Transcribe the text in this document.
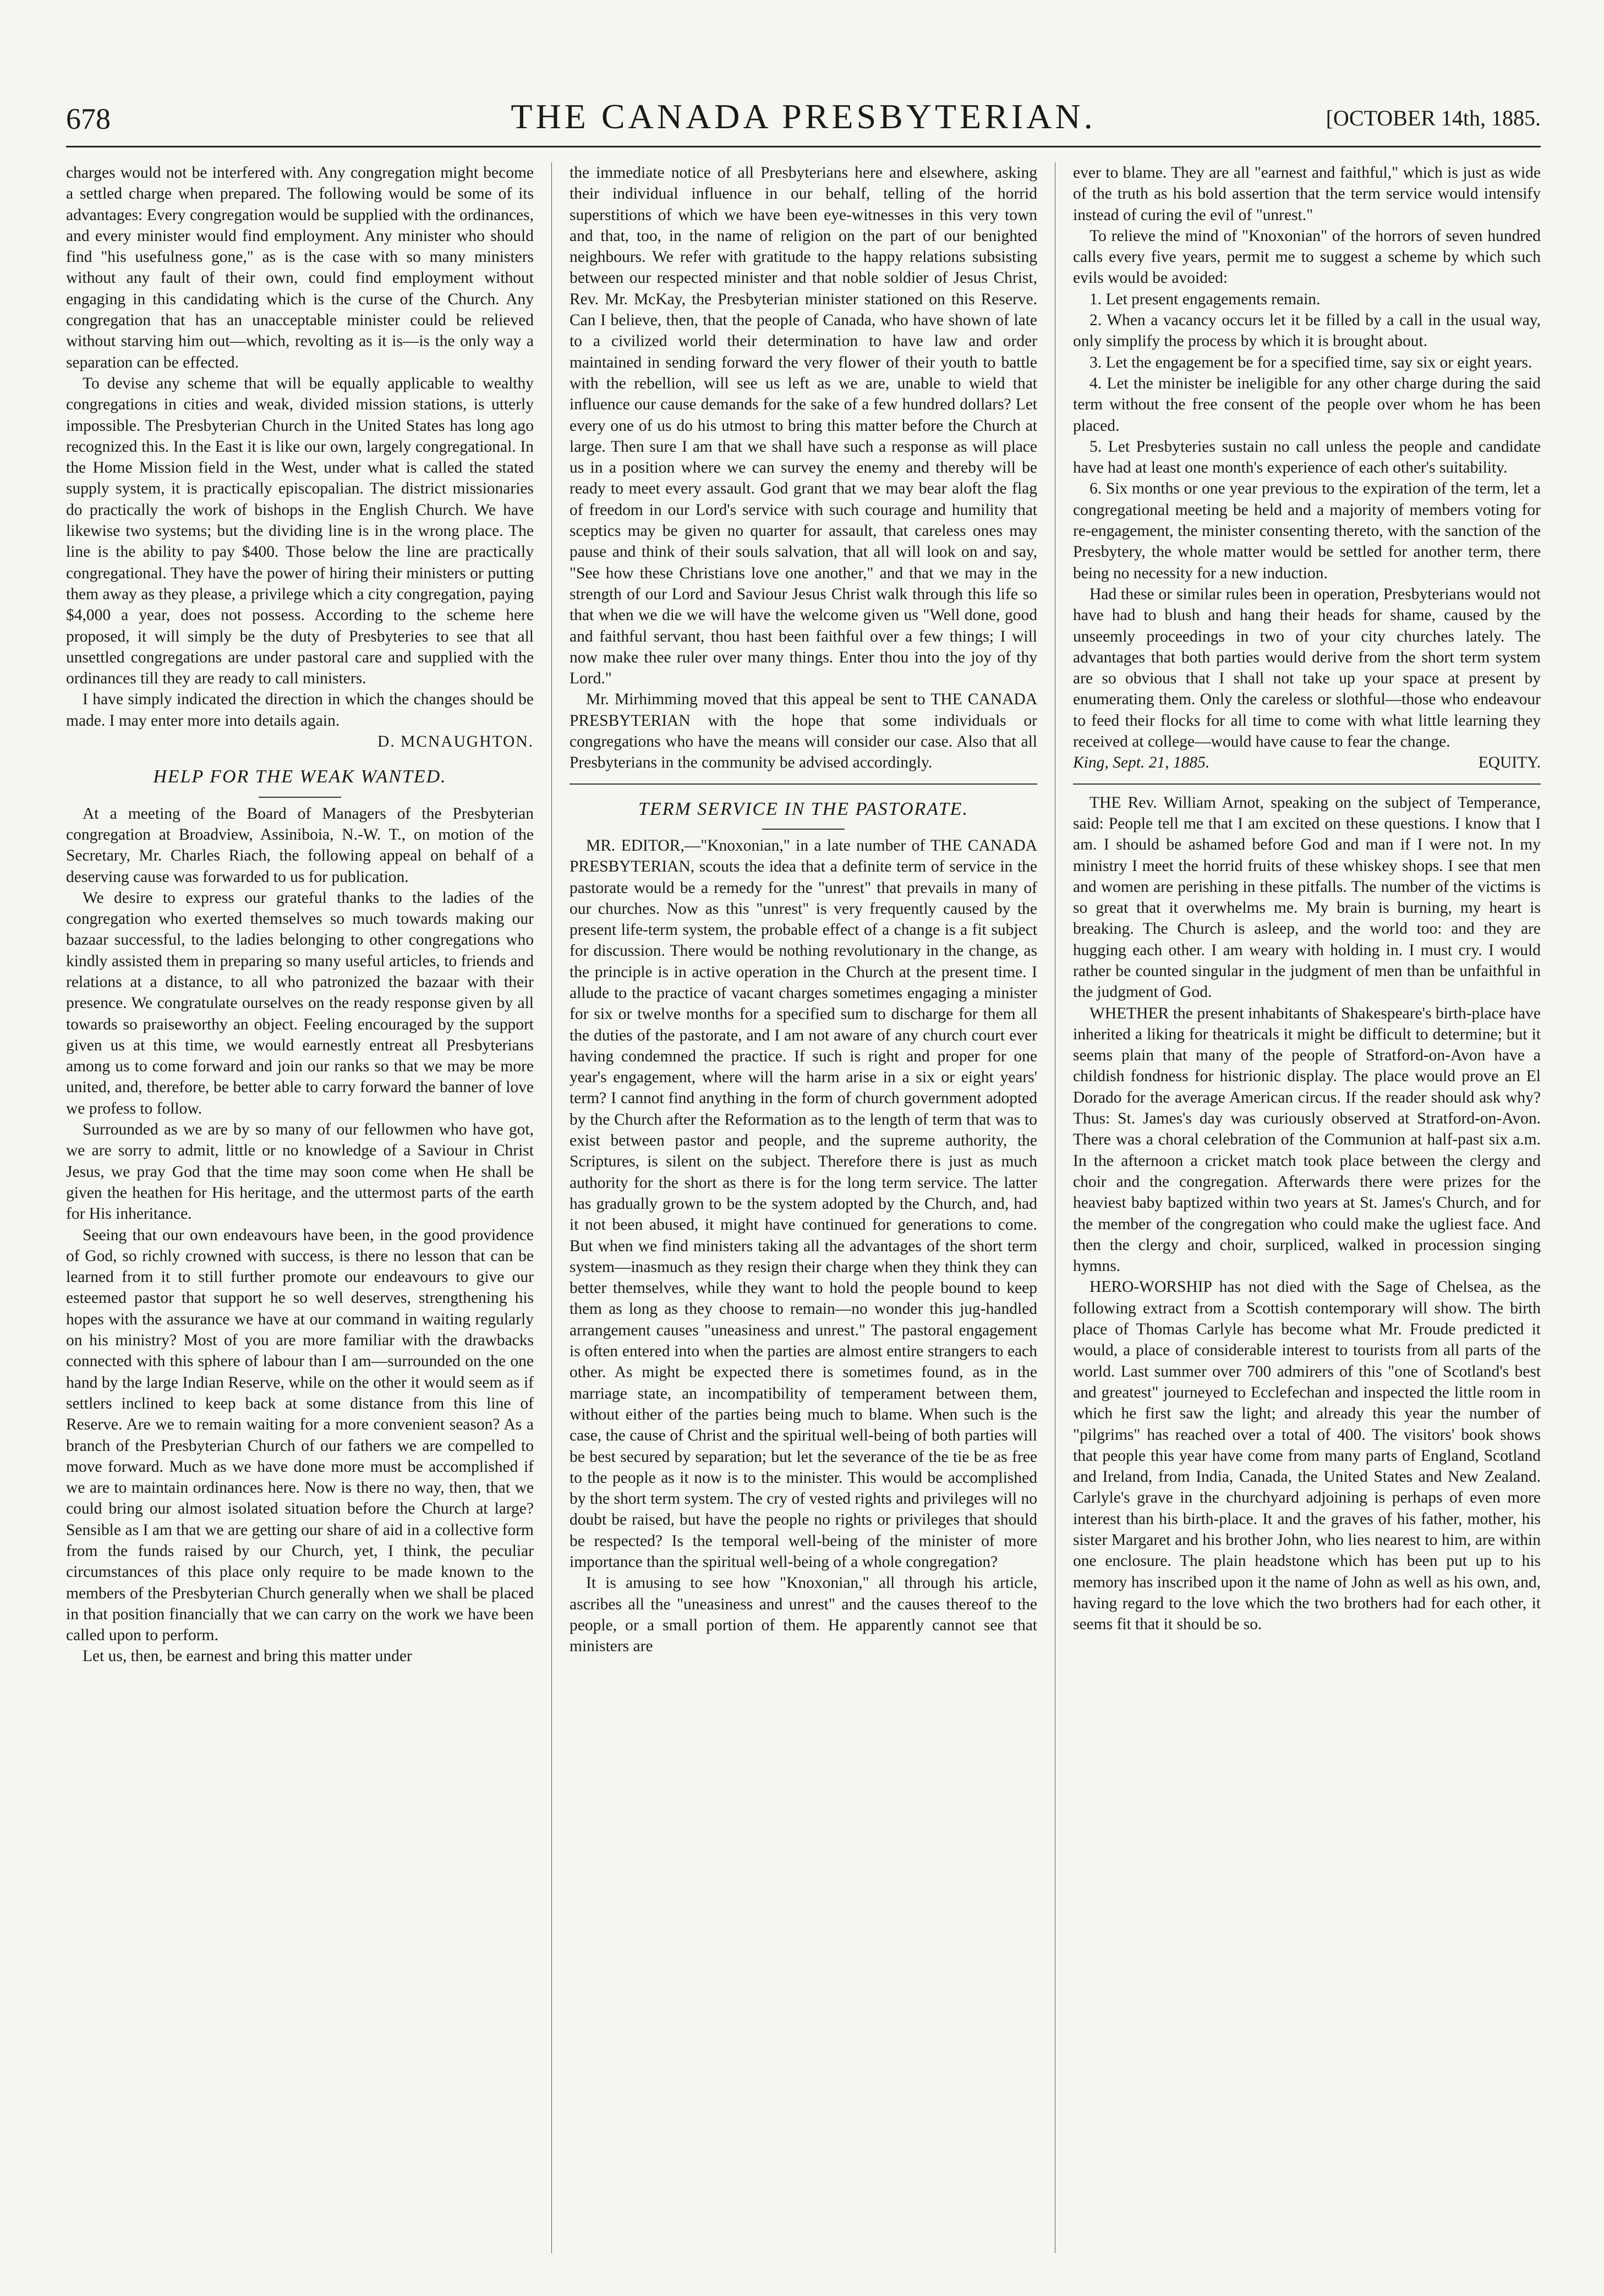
678	THE CANADA PRESBYTERIAN.	[OCTOBER 14th, 1885.

charges would not be interfered with. Any congregation might become a settled charge when prepared. The following would be some of its advantages: Every congregation would be supplied with the ordinances, and every minister would find employment. Any minister who should find "his usefulness gone," as is the case with so many ministers without any fault of their own, could find employment without engaging in this candidating which is the curse of the Church. Any congregation that has an unacceptable minister could be relieved without starving him out—which, revolting as it is—is the only way a separation can be effected.

To devise any scheme that will be equally applicable to wealthy congregations in cities and weak, divided mission stations, is utterly impossible. The Presbyterian Church in the United States has long ago recognized this. In the East it is like our own, largely congregational. In the Home Mission field in the West, under what is called the stated supply system, it is practically episcopalian. The district missionaries do practically the work of bishops in the English Church. We have likewise two systems; but the dividing line is in the wrong place. The line is the ability to pay $400. Those below the line are practically congregational. They have the power of hiring their ministers or putting them away as they please, a privilege which a city congregation, paying $4,000 a year, does not possess. According to the scheme here proposed, it will simply be the duty of Presbyteries to see that all unsettled congregations are under pastoral care and supplied with the ordinances till they are ready to call ministers.

I have simply indicated the direction in which the changes should be made. I may enter more into details again.

D. MCNAUGHTON.
HELP FOR THE WEAK WANTED.

At a meeting of the Board of Managers of the Presbyterian congregation at Broadview, Assiniboia, N.-W. T., on motion of the Secretary, Mr. Charles Riach, the following appeal on behalf of a deserving cause was forwarded to us for publication.

We desire to express our grateful thanks to the ladies of the congregation who exerted themselves so much towards making our bazaar successful, to the ladies belonging to other congregations who kindly assisted them in preparing so many useful articles, to friends and relations at a distance, to all who patronized the bazaar with their presence. We congratulate ourselves on the ready response given by all towards so praiseworthy an object. Feeling encouraged by the support given us at this time, we would earnestly entreat all Presbyterians among us to come forward and join our ranks so that we may be more united, and, therefore, be better able to carry forward the banner of love we profess to follow.

Surrounded as we are by so many of our fellowmen who have got, we are sorry to admit, little or no knowledge of a Saviour in Christ Jesus, we pray God that the time may soon come when He shall be given the heathen for His heritage, and the uttermost parts of the earth for His inheritance.

Seeing that our own endeavours have been, in the good providence of God, so richly crowned with success, is there no lesson that can be learned from it to still further promote our endeavours to give our esteemed pastor that support he so well deserves, strengthening his hopes with the assurance we have at our command in waiting regularly on his ministry? Most of you are more familiar with the drawbacks connected with this sphere of labour than I am—surrounded on the one hand by the large Indian Reserve, while on the other it would seem as if settlers inclined to keep back at some distance from this line of Reserve. Are we to remain waiting for a more convenient season? As a branch of the Presbyterian Church of our fathers we are compelled to move forward. Much as we have done more must be accomplished if we are to maintain ordinances here. Now is there no way, then, that we could bring our almost isolated situation before the Church at large? Sensible as I am that we are getting our share of aid in a collective form from the funds raised by our Church, yet, I think, the peculiar circumstances of this place only require to be made known to the members of the Presbyterian Church generally when we shall be placed in that position financially that we can carry on the work we have been called upon to perform.

Let us, then, be earnest and bring this matter under

the immediate notice of all Presbyterians here and elsewhere, asking their individual influence in our behalf, telling of the horrid superstitions of which we have been eye-witnesses in this very town and that, too, in the name of religion on the part of our benighted neighbours. We refer with gratitude to the happy relations subsisting between our respected minister and that noble soldier of Jesus Christ, Rev. Mr. McKay, the Presbyterian minister stationed on this Reserve. Can I believe, then, that the people of Canada, who have shown of late to a civilized world their determination to have law and order maintained in sending forward the very flower of their youth to battle with the rebellion, will see us left as we are, unable to wield that influence our cause demands for the sake of a few hundred dollars? Let every one of us do his utmost to bring this matter before the Church at large. Then sure I am that we shall have such a response as will place us in a position where we can survey the enemy and thereby will be ready to meet every assault. God grant that we may bear aloft the flag of freedom in our Lord's service with such courage and humility that sceptics may be given no quarter for assault, that careless ones may pause and think of their souls salvation, that all will look on and say, "See how these Christians love one another," and that we may in the strength of our Lord and Saviour Jesus Christ walk through this life so that when we die we will have the welcome given us "Well done, good and faithful servant, thou hast been faithful over a few things; I will now make thee ruler over many things. Enter thou into the joy of thy Lord."

Mr. Mirhimming moved that this appeal be sent to THE CANADA PRESBYTERIAN with the hope that some individuals or congregations who have the means will consider our case. Also that all Presbyterians in the community be advised accordingly.

TERM SERVICE IN THE PASTORATE.

MR. EDITOR,—"Knoxonian," in a late number of THE CANADA PRESBYTERIAN, scouts the idea that a definite term of service in the pastorate would be a remedy for the "unrest" that prevails in many of our churches. Now as this "unrest" is very frequently caused by the present life-term system, the probable effect of a change is a fit subject for discussion. There would be nothing revolutionary in the change, as the principle is in active operation in the Church at the present time. I allude to the practice of vacant charges sometimes engaging a minister for six or twelve months for a specified sum to discharge for them all the duties of the pastorate, and I am not aware of any church court ever having condemned the practice. If such is right and proper for one year's engagement, where will the harm arise in a six or eight years' term? I cannot find anything in the form of church government adopted by the Church after the Reformation as to the length of term that was to exist between pastor and people, and the supreme authority, the Scriptures, is silent on the subject. Therefore there is just as much authority for the short as there is for the long term service. The latter has gradually grown to be the system adopted by the Church, and, had it not been abused, it might have continued for generations to come. But when we find ministers taking all the advantages of the short term system—inasmuch as they resign their charge when they think they can better themselves, while they want to hold the people bound to keep them as long as they choose to remain—no wonder this jug-handled arrangement causes "uneasiness and unrest." The pastoral engagement is often entered into when the parties are almost entire strangers to each other. As might be expected there is sometimes found, as in the marriage state, an incompatibility of temperament between them, without either of the parties being much to blame. When such is the case, the cause of Christ and the spiritual well-being of both parties will be best secured by separation; but let the severance of the tie be as free to the people as it now is to the minister. This would be accomplished by the short term system. The cry of vested rights and privileges will no doubt be raised, but have the people no rights or privileges that should be respected? Is the temporal well-being of the minister of more importance than the spiritual well-being of a whole congregation?

It is amusing to see how "Knoxonian," all through his article, ascribes all the "uneasiness and unrest" and the causes thereof to the people, or a small portion of them. He apparently cannot see that ministers are

ever to blame. They are all "earnest and faithful," which is just as wide of the truth as his bold assertion that the term service would intensify instead of curing the evil of "unrest."

To relieve the mind of "Knoxonian" of the horrors of seven hundred calls every five years, permit me to suggest a scheme by which such evils would be avoided:

1. Let present engagements remain.

2. When a vacancy occurs let it be filled by a call in the usual way, only simplify the process by which it is brought about.

3. Let the engagement be for a specified time, say six or eight years.

4. Let the minister be ineligible for any other charge during the said term without the free consent of the people over whom he has been placed.

5. Let Presbyteries sustain no call unless the people and candidate have had at least one month's experience of each other's suitability.

6. Six months or one year previous to the expiration of the term, let a congregational meeting be held and a majority of members voting for re-engagement, the minister consenting thereto, with the sanction of the Presbytery, the whole matter would be settled for another term, there being no necessity for a new induction.

Had these or similar rules been in operation, Presbyterians would not have had to blush and hang their heads for shame, caused by the unseemly proceedings in two of your city churches lately. The advantages that both parties would derive from the short term system are so obvious that I shall not take up your space at present by enumerating them. Only the careless or slothful—those who endeavour to feed their flocks for all time to come with what little learning they received at college—would have cause to fear the change.

King, Sept. 21, 1885.	EQUITY.

THE Rev. William Arnot, speaking on the subject of Temperance, said: People tell me that I am excited on these questions. I know that I am. I should be ashamed before God and man if I were not. In my ministry I meet the horrid fruits of these whiskey shops. I see that men and women are perishing in these pitfalls. The number of the victims is so great that it overwhelms me. My brain is burning, my heart is breaking. The Church is asleep, and the world too: and they are hugging each other. I am weary with holding in. I must cry. I would rather be counted singular in the judgment of men than be unfaithful in the judgment of God.

WHETHER the present inhabitants of Shakespeare's birth-place have inherited a liking for theatricals it might be difficult to determine; but it seems plain that many of the people of Stratford-on-Avon have a childish fondness for histrionic display. The place would prove an El Dorado for the average American circus. If the reader should ask why? Thus: St. James's day was curiously observed at Stratford-on-Avon. There was a choral celebration of the Communion at half-past six a.m. In the afternoon a cricket match took place between the clergy and choir and the congregation. Afterwards there were prizes for the heaviest baby baptized within two years at St. James's Church, and for the member of the congregation who could make the ugliest face. And then the clergy and choir, surpliced, walked in procession singing hymns.

HERO-WORSHIP has not died with the Sage of Chelsea, as the following extract from a Scottish contemporary will show. The birth place of Thomas Carlyle has become what Mr. Froude predicted it would, a place of considerable interest to tourists from all parts of the world. Last summer over 700 admirers of this "one of Scotland's best and greatest" journeyed to Ecclefechan and inspected the little room in which he first saw the light; and already this year the number of "pilgrims" has reached over a total of 400. The visitors' book shows that people this year have come from many parts of England, Scotland and Ireland, from India, Canada, the United States and New Zealand. Carlyle's grave in the churchyard adjoining is perhaps of even more interest than his birth-place. It and the graves of his father, mother, his sister Margaret and his brother John, who lies nearest to him, are within one enclosure. The plain headstone which has been put up to his memory has inscribed upon it the name of John as well as his own, and, having regard to the love which the two brothers had for each other, it seems fit that it should be so.
